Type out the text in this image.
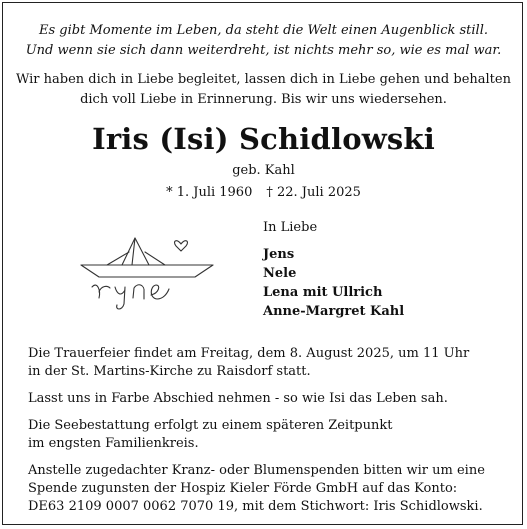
Es gibt Momente im Leben, da steht die Welt einen Augenblick still.
Und wenn sie sich dann weiterdreht, ist nichts mehr so, wie es mal war.
Wir haben dich in Liebe begleitet, lassen dich in Liebe gehen und behalten
dich voll Liebe in Erinnerung. Bis wir uns wiedersehen.
Iris (Isi) Schidlowski
geb. Kahl
* 1. Juli 1960 † 22. Juli 2025
In Liebe
Jens
Nele
Lena mit Ullrich
Anne-Margret Kahl

Die Trauerfeier findet am Freitag, dem 8. August 2025, um 11 Uhr
in der St. Martins-Kirche zu Raisdorf statt.

Lasst uns in Farbe Abschied nehmen - so wie Isi das Leben sah.

Die Seebestattung erfolgt zu einem späteren Zeitpunkt
im engsten Familienkreis.

Anstelle zugedachter Kranz- oder Blumenspenden bitten wir um eine
Spende zugunsten der Hospiz Kieler Förde GmbH auf das Konto:
DE63 2109 0007 0062 7070 19, mit dem Stichwort: Iris Schidlowski.
